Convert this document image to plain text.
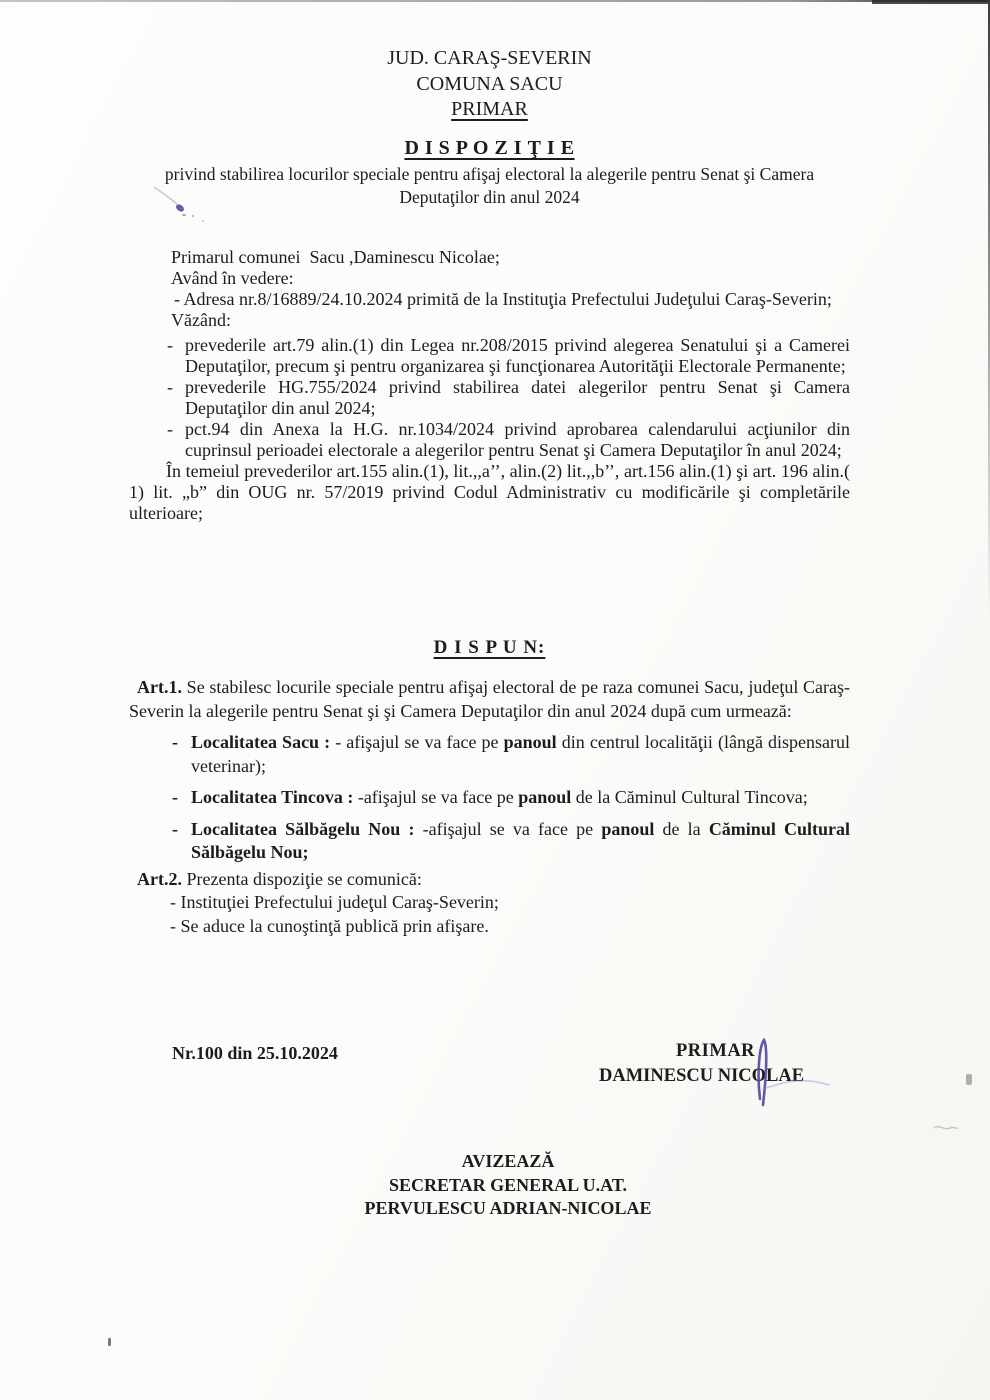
JUD. CARAŞ-SEVERIN
COMUNA SACU
PRIMAR
D I S P O Z I Ţ I E
privind stabilirea locurilor speciale pentru afişaj electoral la alegerile pentru Senat şi Camera
Deputaţilor din anul 2024

Primarul comunei  Sacu ,Daminescu Nicolae;

Având în vedere:

- Adresa nr.8/16889/24.10.2024 primită de la Instituţia Prefectului Judeţului Caraş-Severin;

Văzând:

- prevederile art.79 alin.(1) din Legea nr.208/2015 privind alegerea Senatului şi a Camerei Deputaţilor, precum şi pentru organizarea şi funcţionarea Autorităţii Electorale Permanente;
- prevederile HG.755/2024 privind stabilirea datei alegerilor pentru Senat şi Camera Deputaţilor din anul 2024;
- pct.94 din Anexa la H.G. nr.1034/2024 privind aprobarea calendarului acţiunilor din cuprinsul perioadei electorale a alegerilor pentru Senat şi Camera Deputaţilor în anul 2024;

În temeiul prevederilor art.155 alin.(1), lit.,,a’’, alin.(2) lit.,,b’’, art.156 alin.(1) şi art. 196 alin.( 1) lit. „b” din OUG nr. 57/2019 privind Codul Administrativ cu modificările şi completările ulterioare;

D I S P U N:

Art.1. Se stabilesc locurile speciale pentru afişaj electoral de pe raza comunei Sacu, judeţul Caraş-Severin la alegerile pentru Senat şi şi Camera Deputaţilor din anul 2024 după cum urmează:

- Localitatea Sacu : - afişajul se va face pe panoul din centrul localităţii (lângă dispensarul veterinar);
- Localitatea Tincova : -afişajul se va face pe panoul de la Căminul Cultural Tincova;
- Localitatea Sălbăgelu Nou : -afişajul se va face pe panoul de la Căminul Cultural Sălbăgelu Nou;

Art.2. Prezenta dispoziţie se comunică:

- Instituţiei Prefectului judeţul Caraş-Severin;

- Se aduce la cunoştinţă publică prin afişare.

Nr.100 din 25.10.2024	PRIMAR
DAMINESCU NICOLAE
AVIZEAZĂ
SECRETAR GENERAL U.AT.
PERVULESCU ADRIAN-NICOLAE
